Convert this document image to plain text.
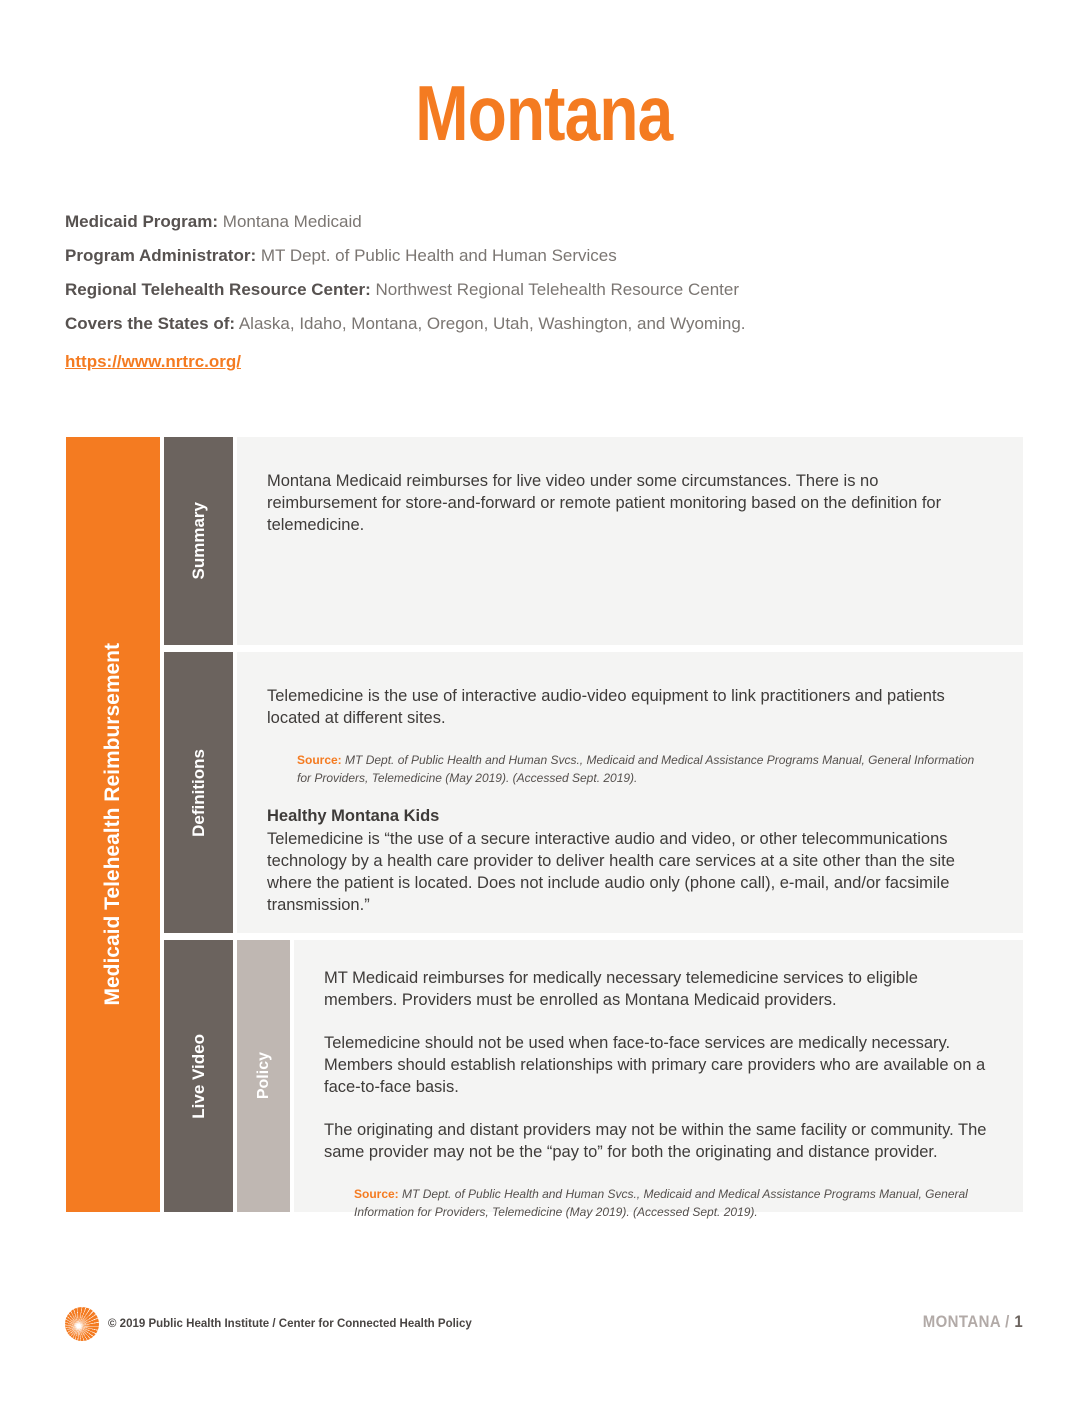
Montana
Medicaid Program: Montana Medicaid
Program Administrator: MT Dept. of Public Health and Human Services
Regional Telehealth Resource Center: Northwest Regional Telehealth Resource Center
Covers the States of: Alaska, Idaho, Montana, Oregon, Utah, Washington, and Wyoming.
https://www.nrtrc.org/
Medicaid Telehealth Reimbursement
Summary

Montana Medicaid reimburses for live video under some circumstances. There is no reimbursement for store-and-forward or remote patient monitoring based on the definition for telemedicine.

Definitions

Telemedicine is the use of interactive audio-video equipment to link practitioners and patients located at different sites.

Source: MT Dept. of Public Health and Human Svcs., Medicaid and Medical Assistance Programs Manual, General Information for Providers, Telemedicine (May 2019). (Accessed Sept. 2019).

Healthy Montana Kids

Telemedicine is “the use of a secure interactive audio and video, or other telecommunications technology by a health care provider to deliver health care services at a site other than the site where the patient is located. Does not include audio only (phone call), e-mail, and/or facsimile transmission.”

Live Video	Policy

MT Medicaid reimburses for medically necessary telemedicine services to eligible members. Providers must be enrolled as Montana Medicaid providers.

Telemedicine should not be used when face-to-face services are medically necessary. Members should establish relationships with primary care providers who are available on a face-to-face basis.

The originating and distant providers may not be within the same facility or community. The same provider may not be the “pay to” for both the originating and distance provider.

Source: MT Dept. of Public Health and Human Svcs., Medicaid and Medical Assistance Programs Manual, General Information for Providers, Telemedicine (May 2019). (Accessed Sept. 2019).

© 2019 Public Health Institute / Center for Connected Health Policy	MONTANA / 1
